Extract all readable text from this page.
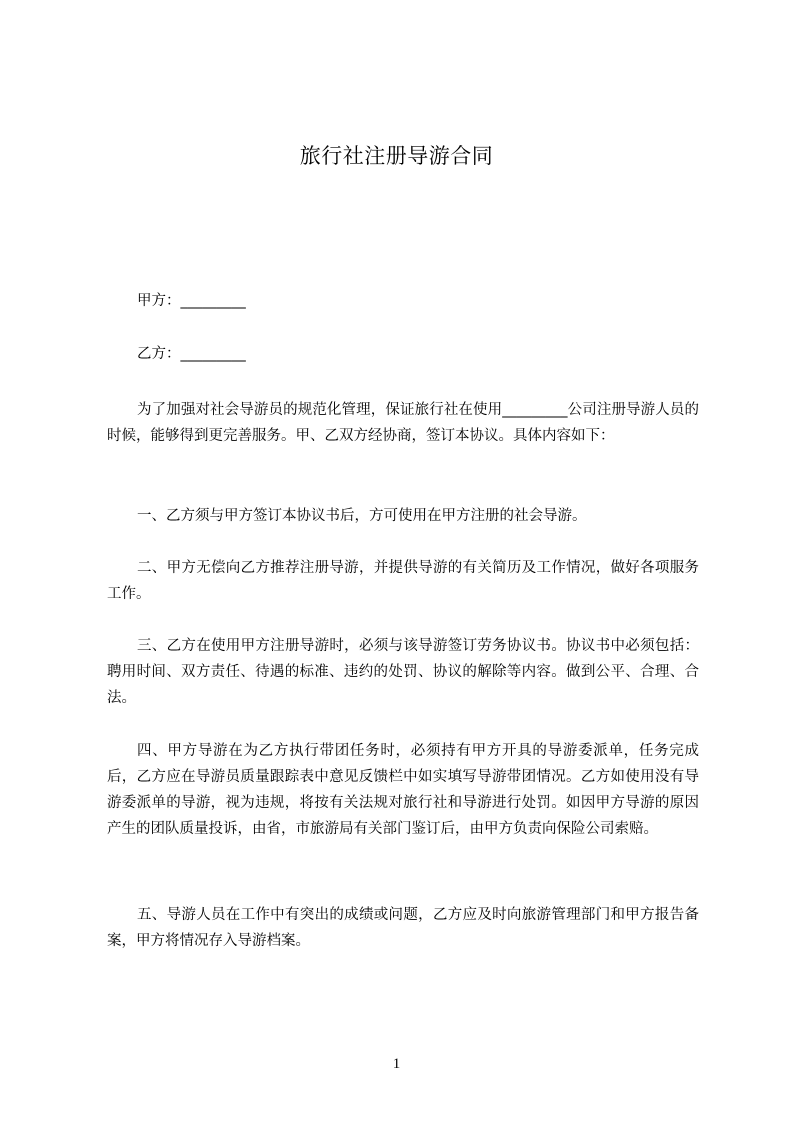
旅行社注册导游合同
甲方：_________
乙方：_________
为了加强对社会导游员的规范化管理，保证旅行社在使用_________公司注册导游人员的时候，能够得到更完善服务。甲、乙双方经协商，签订本协议。具体内容如下：
一、乙方须与甲方签订本协议书后，方可使用在甲方注册的社会导游。
二、甲方无偿向乙方推荐注册导游，并提供导游的有关简历及工作情况，做好各项服务工作。
三、乙方在使用甲方注册导游时，必须与该导游签订劳务协议书。协议书中必须包括：聘用时间、双方责任、待遇的标准、违约的处罚、协议的解除等内容。做到公平、合理、合法。
四、甲方导游在为乙方执行带团任务时，必须持有甲方开具的导游委派单，任务完成后，乙方应在导游员质量跟踪表中意见反馈栏中如实填写导游带团情况。乙方如使用没有导游委派单的导游，视为违规，将按有关法规对旅行社和导游进行处罚。如因甲方导游的原因产生的团队质量投诉，由省，市旅游局有关部门鉴订后，由甲方负责向保险公司索赔。
五、导游人员在工作中有突出的成绩或问题，乙方应及时向旅游管理部门和甲方报告备案，甲方将情况存入导游档案。
1
